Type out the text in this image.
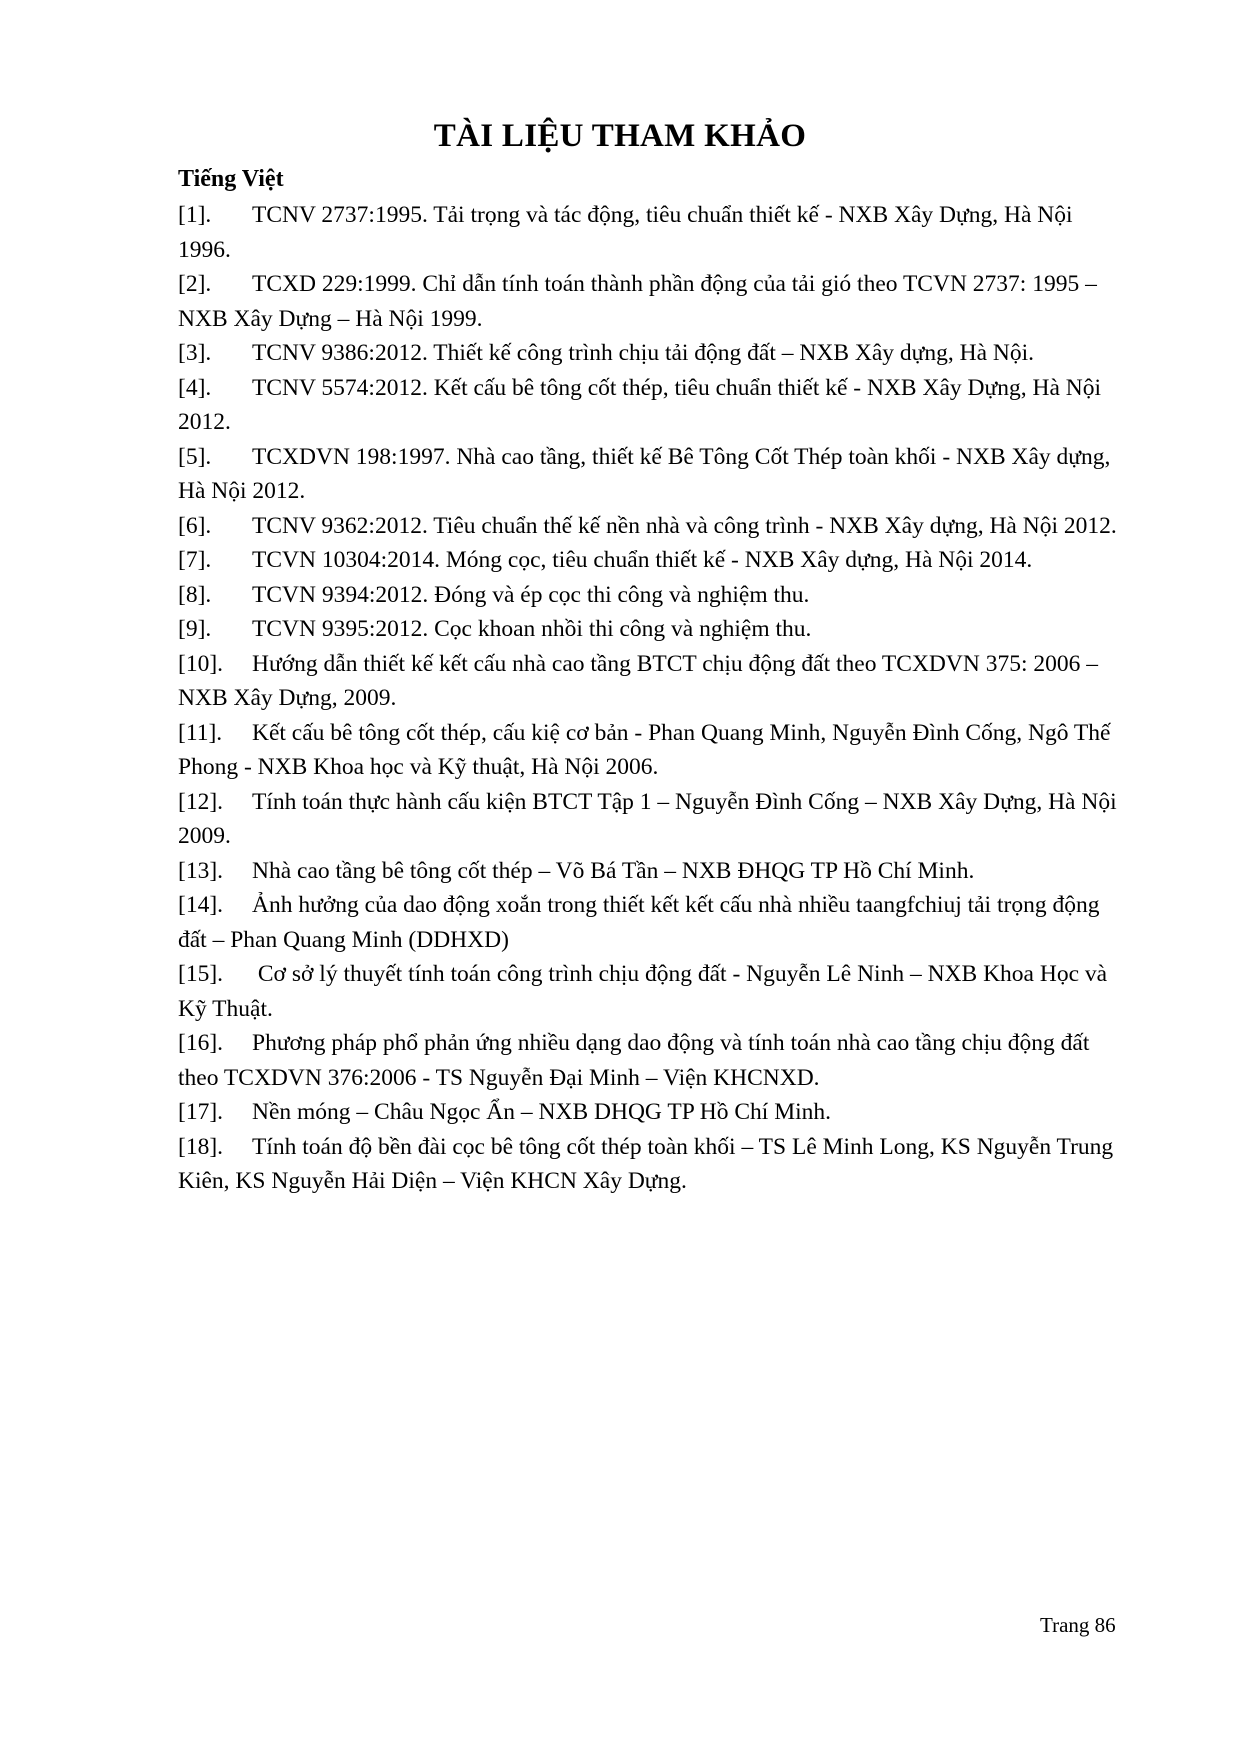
TÀI LIỆU THAM KHẢO
Tiếng Việt

[1]. TCNV 2737:1995. Tải trọng và tác động, tiêu chuẩn thiết kế - NXB Xây Dựng, Hà Nội 1996.

[2]. TCXD 229:1999. Chỉ dẫn tính toán thành phần động của tải gió theo TCVN 2737: 1995 – NXB Xây Dựng – Hà Nội 1999.

[3]. TCNV 9386:2012. Thiết kế công trình chịu tải động đất – NXB Xây dựng, Hà Nội.

[4]. TCNV 5574:2012. Kết cấu bê tông cốt thép, tiêu chuẩn thiết kế - NXB Xây Dựng, Hà Nội 2012.

[5]. TCXDVN 198:1997. Nhà cao tầng, thiết kế Bê Tông Cốt Thép toàn khối - NXB Xây dựng, Hà Nội 2012.

[6]. TCNV 9362:2012. Tiêu chuẩn thế kế nền nhà và công trình - NXB Xây dựng, Hà Nội 2012.

[7]. TCVN 10304:2014. Móng cọc, tiêu chuẩn thiết kế - NXB Xây dựng, Hà Nội 2014.

[8]. TCVN 9394:2012. Đóng và ép cọc thi công và nghiệm thu.

[9]. TCVN 9395:2012. Cọc khoan nhồi thi công và nghiệm thu.

[10]. Hướng dẫn thiết kế kết cấu nhà cao tầng BTCT chịu động đất theo TCXDVN 375: 2006 – NXB Xây Dựng, 2009.

[11]. Kết cấu bê tông cốt thép, cấu kiệ cơ bản - Phan Quang Minh, Nguyễn Đình Cống, Ngô Thế Phong - NXB Khoa học và Kỹ thuật, Hà Nội 2006.

[12]. Tính toán thực hành cấu kiện BTCT Tập 1 – Nguyễn Đình Cống – NXB Xây Dựng, Hà Nội 2009.

[13]. Nhà cao tầng bê tông cốt thép – Võ Bá Tần – NXB ĐHQG TP Hồ Chí Minh.

[14]. Ảnh hưởng của dao động xoắn trong thiết kết kết cấu nhà nhiều taangfchiuj tải trọng động đất – Phan Quang Minh (DDHXD)

[15]. Cơ sở lý thuyết tính toán công trình chịu động đất - Nguyễn Lê Ninh – NXB Khoa Học và Kỹ Thuật.

[16]. Phương pháp phổ phản ứng nhiều dạng dao động và tính toán nhà cao tầng chịu động đất theo TCXDVN 376:2006 - TS Nguyễn Đại Minh – Viện KHCNXD.

[17]. Nền móng – Châu Ngọc Ẩn – NXB DHQG TP Hồ Chí Minh.

[18]. Tính toán độ bền đài cọc bê tông cốt thép toàn khối – TS Lê Minh Long, KS Nguyễn Trung Kiên, KS Nguyễn Hải Diện – Viện KHCN Xây Dựng.

Trang 86
